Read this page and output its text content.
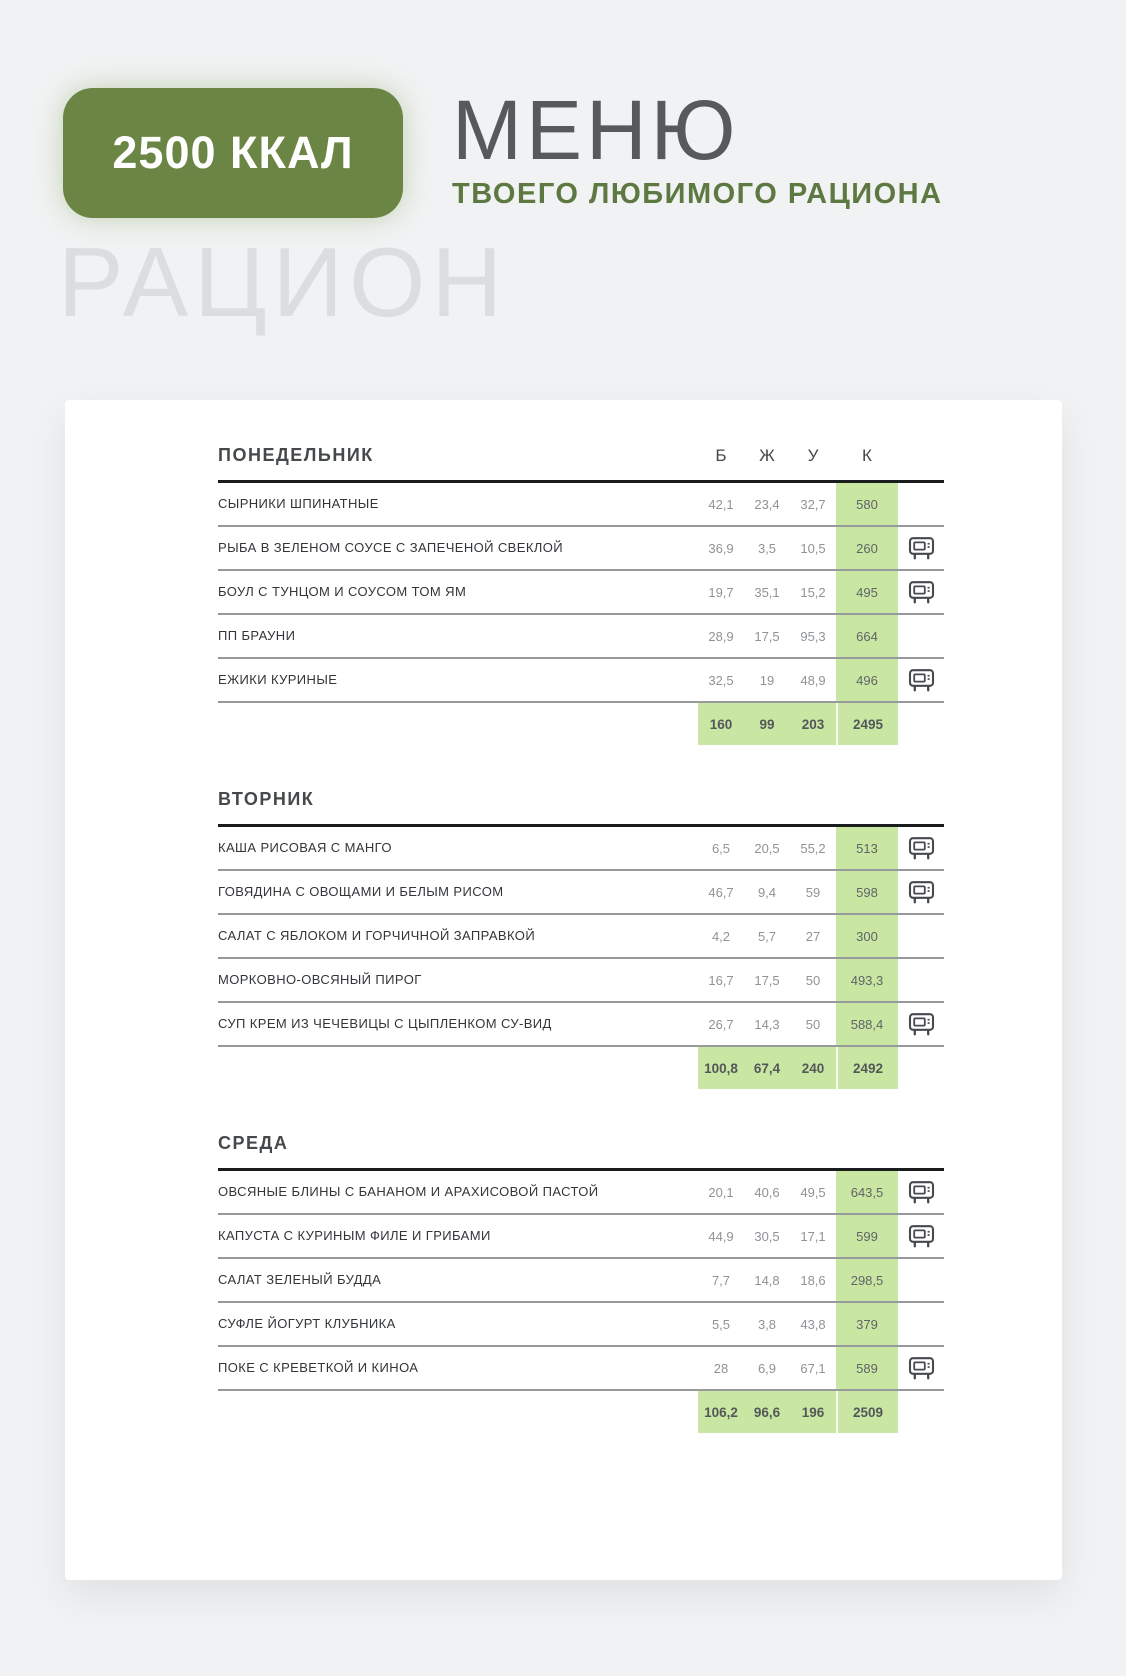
2500 ККАЛ МЕНЮ
ТВОЕГО ЛЮБИМОГО РАЦИОНА
РАЦИОН
ПОНЕДЕЛЬНИК	Б	Ж	У	К
СЫРНИКИ ШПИНАТНЫЕ	42,1	23,4	32,7	580
РЫБА В ЗЕЛЕНОМ СОУСЕ С ЗАПЕЧЕНОЙ СВЕКЛОЙ	36,9	3,5	10,5	260
БОУЛ С ТУНЦОМ И СОУСОМ ТОМ ЯМ	19,7	35,1	15,2	495
ПП БРАУНИ	28,9	17,5	95,3	664
ЕЖИКИ КУРИНЫЕ	32,5	19	48,9	496
160	99	203	2495
ВТОРНИК
КАША РИСОВАЯ С МАНГО	6,5	20,5	55,2	513
ГОВЯДИНА С ОВОЩАМИ И БЕЛЫМ РИСОМ	46,7	9,4	59	598
САЛАТ С ЯБЛОКОМ И ГОРЧИЧНОЙ ЗАПРАВКОЙ	4,2	5,7	27	300
МОРКОВНО-ОВСЯНЫЙ ПИРОГ	16,7	17,5	50	493,3
СУП КРЕМ ИЗ ЧЕЧЕВИЦЫ С ЦЫПЛЕНКОМ СУ-ВИД	26,7	14,3	50	588,4
100,8	67,4	240	2492
СРЕДА
ОВСЯНЫЕ БЛИНЫ С БАНАНОМ И АРАХИСОВОЙ ПАСТОЙ	20,1	40,6	49,5	643,5
КАПУСТА С КУРИНЫМ ФИЛЕ И ГРИБАМИ	44,9	30,5	17,1	599
САЛАТ ЗЕЛЕНЫЙ БУДДА	7,7	14,8	18,6	298,5
СУФЛЕ ЙОГУРТ КЛУБНИКА	5,5	3,8	43,8	379
ПОКЕ С КРЕВЕТКОЙ И КИНОА	28	6,9	67,1	589
106,2	96,6	196	2509
